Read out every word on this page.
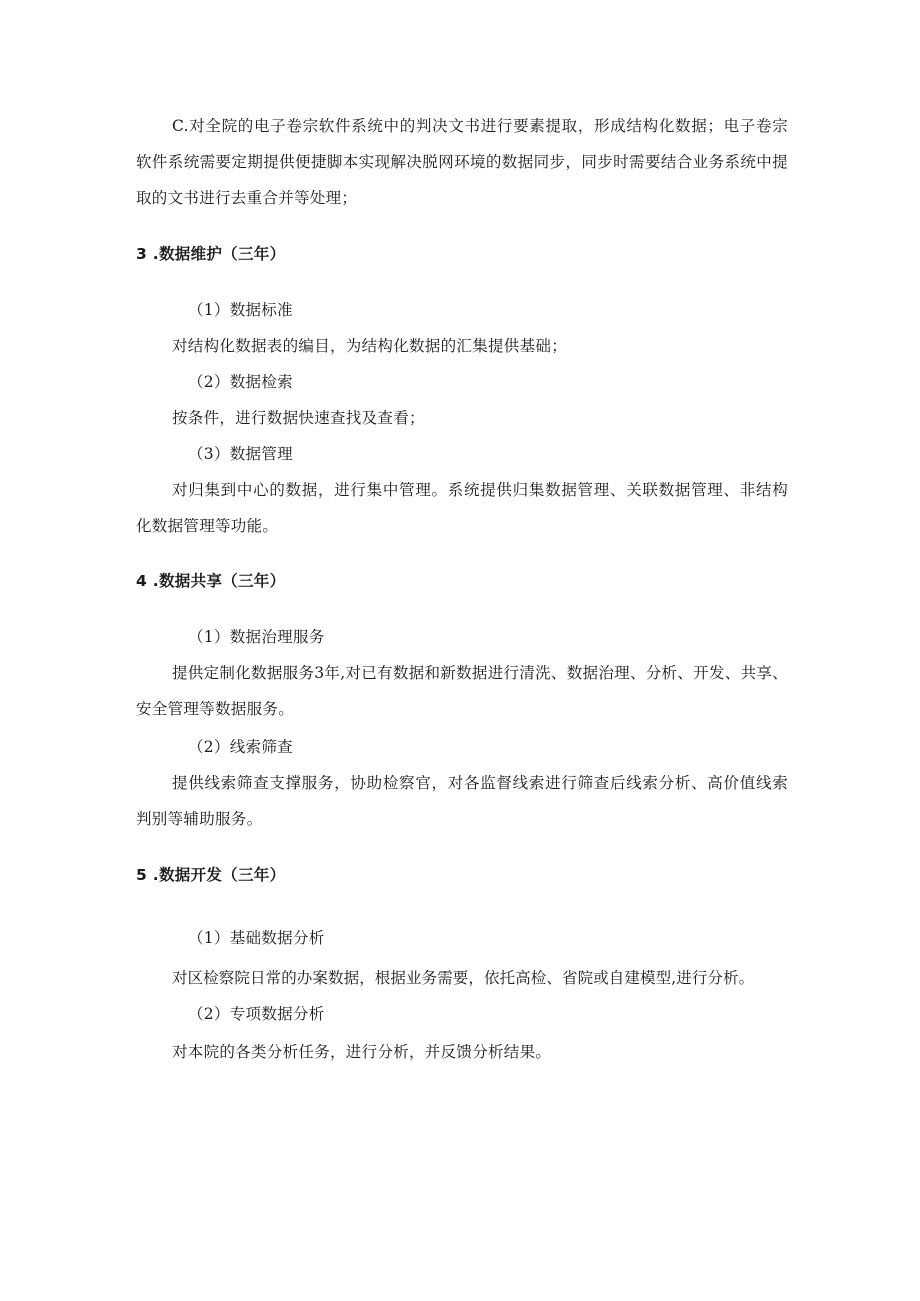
C.对全院的电子卷宗软件系统中的判决文书进行要素提取，形成结构化数据；电子卷宗软件系统需要定期提供便捷脚本实现解决脱网环境的数据同步，同步时需要结合业务系统中提取的文书进行去重合并等处理；

3 .数据维护（三年）

（1）数据标准

对结构化数据表的编目，为结构化数据的汇集提供基础；

（2）数据检索

按条件，进行数据快速查找及查看；

（3）数据管理

对归集到中心的数据，进行集中管理。系统提供归集数据管理、关联数据管理、非结构化数据管理等功能。

4 .数据共享（三年）

（1）数据治理服务

提供定制化数据服务3年,对已有数据和新数据进行清洗、数据治理、分析、开发、共享、安全管理等数据服务。

（2）线索筛查

提供线索筛查支撑服务，协助检察官，对各监督线索进行筛查后线索分析、高价值线索判别等辅助服务。

5 .数据开发（三年）

（1）基础数据分析

对区检察院日常的办案数据，根据业务需要，依托高检、省院或自建模型,进行分析。

（2）专项数据分析

对本院的各类分析任务，进行分析，并反馈分析结果。
